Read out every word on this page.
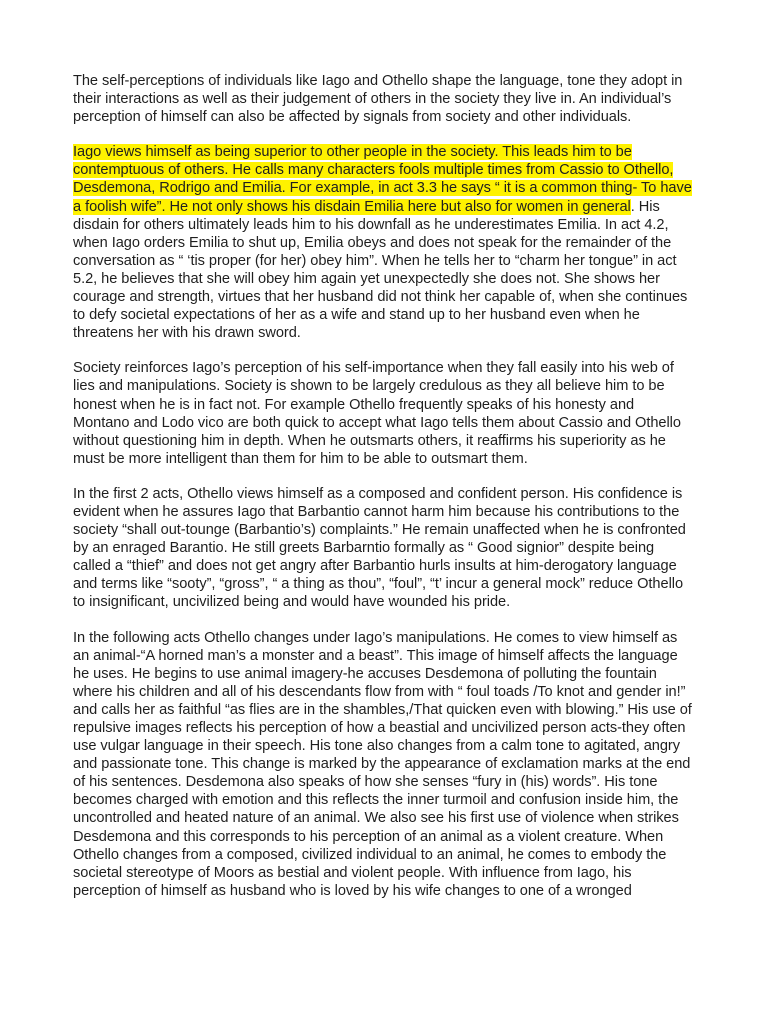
The self-perceptions of individuals like Iago and Othello shape the language, tone they adopt in their interactions as well as their judgement of others in the society they live in. An individual’s perception of himself can also be affected by signals from society and other individuals.

Iago views himself as being superior to other people in the society. This leads him to be contemptuous of others. He calls many characters fools multiple times from Cassio to Othello, Desdemona, Rodrigo and Emilia. For example, in act 3.3 he says “ it is a common thing- To have a foolish wife”. He not only shows his disdain Emilia here but also for women in general. His disdain for others ultimately leads him to his downfall as he underestimates Emilia. In act 4.2, when Iago orders Emilia to shut up, Emilia obeys and does not speak for the remainder of the conversation as “ ‘tis proper (for her) obey him”. When he tells her to “charm her tongue” in act 5.2, he believes that she will obey him again yet unexpectedly she does not. She shows her courage and strength, virtues that her husband did not think her capable of, when she continues to defy societal expectations of her as a wife and stand up to her husband even when he threatens her with his drawn sword.

Society reinforces Iago’s perception of his self-importance when they fall easily into his web of lies and manipulations. Society is shown to be largely credulous as they all believe him to be honest when he is in fact not. For example Othello frequently speaks of his honesty and Montano and Lodo vico are both quick to accept what Iago tells them about Cassio and Othello without questioning him in depth. When he outsmarts others, it reaffirms his superiority as he must be more intelligent than them for him to be able to outsmart them.

In the first 2 acts, Othello views himself as a composed and confident person. His confidence is evident when he assures Iago that Barbantio cannot harm him because his contributions to the society “shall out-tounge (Barbantio’s) complaints.” He remain unaffected when he is confronted by an enraged Barantio. He still greets Barbarntio formally as “ Good signior” despite being called a “thief” and does not get angry after Barbantio hurls insults at him-derogatory language and terms like “sooty”, “gross”, “ a thing as thou”, “foul”, “t’ incur a general mock” reduce Othello to insignificant, uncivilized being and would have wounded his pride.

In the following acts Othello changes under Iago’s manipulations. He comes to view himself as an animal-“A horned man’s a monster and a beast”. This image of himself affects the language he uses. He begins to use animal imagery-he accuses Desdemona of polluting the fountain where his children and all of his descendants flow from with “ foul toads /To knot and gender in!” and calls her as faithful “as flies are in the shambles,/That quicken even with blowing.” His use of repulsive images reflects his perception of how a beastial and uncivilized person acts-they often use vulgar language in their speech. His tone also changes from a calm tone to agitated, angry and passionate tone. This change is marked by the appearance of exclamation marks at the end of his sentences. Desdemona also speaks of how she senses “fury in (his) words”. His tone becomes charged with emotion and this reflects the inner turmoil and confusion inside him, the uncontrolled and heated nature of an animal. We also see his first use of violence when strikes Desdemona and this corresponds to his perception of an animal as a violent creature. When Othello changes from a composed, civilized individual to an animal, he comes to embody the societal stereotype of Moors as bestial and violent people. With influence from Iago, his perception of himself as husband who is loved by his wife changes to one of a wronged
